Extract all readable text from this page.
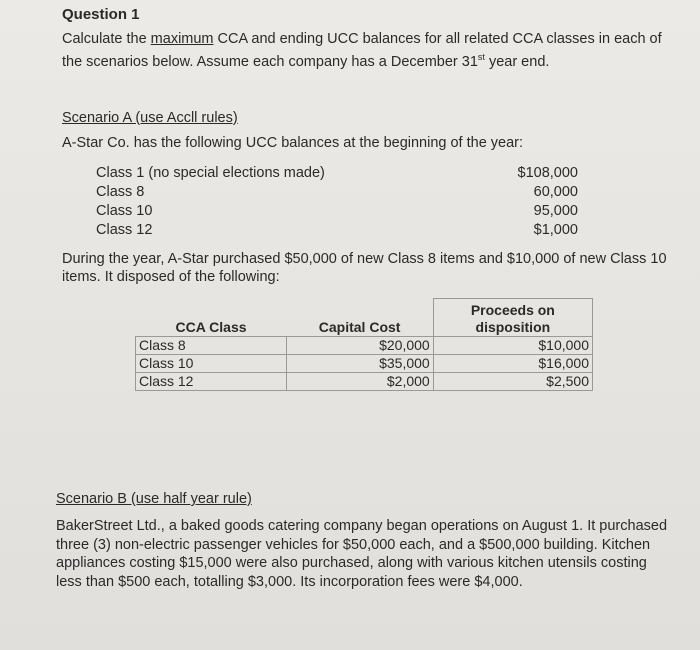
Question 1

Calculate the maximum CCA and ending UCC balances for all related CCA classes in each of the scenarios below. Assume each company has a December 31st year end.

Scenario A (use Accll rules)

A-Star Co. has the following UCC balances at the beginning of the year:

Class 1 (no special elections made)	$108,000
Class 8	60,000
Class 10	95,000
Class 12	$1,000

During the year, A-Star purchased $50,000 of new Class 8 items and $10,000 of new Class 10 items. It disposed of the following:

CCA Class	Capital Cost	Proceeds on
disposition

Class 8	$20,000	$10,000
Class 10	$35,000	$16,000
Class 12	$2,000	$2,500

Scenario B (use half year rule)

BakerStreet Ltd., a baked goods catering company began operations on August 1. It purchased three (3) non-electric passenger vehicles for $50,000 each, and a $500,000 building. Kitchen appliances costing $15,000 were also purchased, along with various kitchen utensils costing less than $500 each, totalling $3,000. Its incorporation fees were $4,000.
